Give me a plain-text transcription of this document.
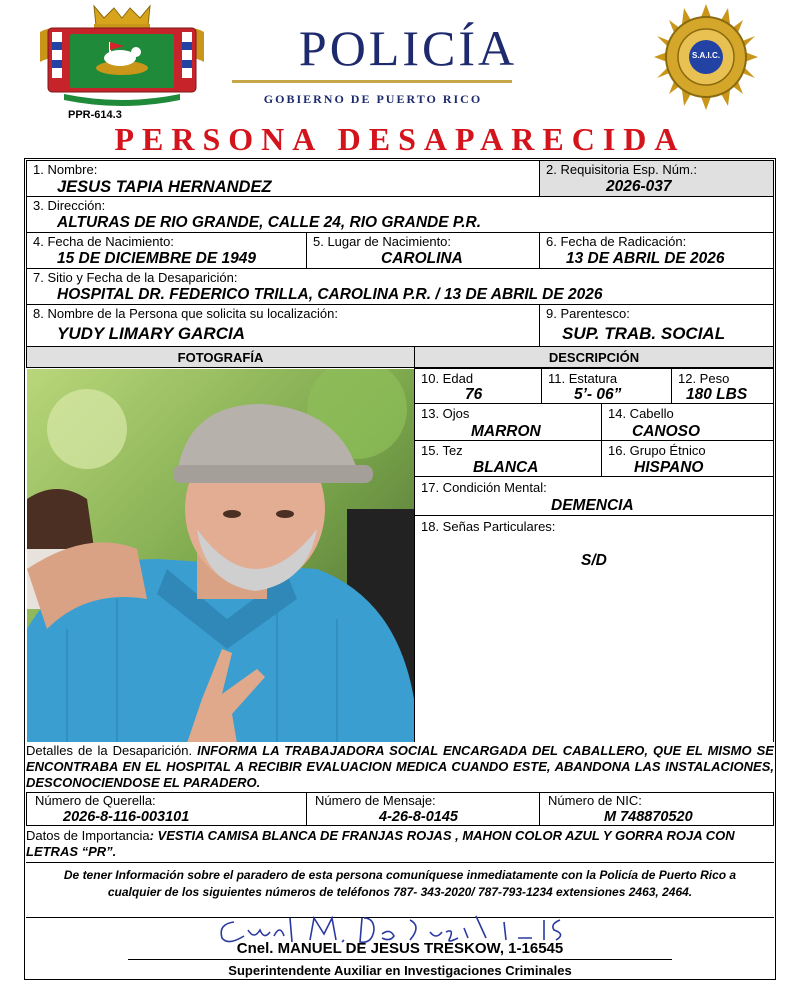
POLICÍA
GOBIERNO DE PUERTO RICO
S.A.I.C.
PPR-614.3
PERSONA DESAPARECIDA
1. Nombre:
JESUS TAPIA HERNANDEZ
2. Requisitoria Esp. Núm.:
2026-037
3. Dirección:
ALTURAS DE RIO GRANDE, CALLE 24, RIO GRANDE P.R.
4. Fecha de Nacimiento:
15 DE DICIEMBRE DE 1949
5. Lugar de Nacimiento:
CAROLINA
6. Fecha de Radicación:
13 DE ABRIL DE 2026
7. Sitio y Fecha de la Desaparición:
HOSPITAL DR. FEDERICO TRILLA, CAROLINA P.R. / 13 DE ABRIL DE 2026
8. Nombre de la Persona que solicita su localización:
YUDY LIMARY GARCIA
9. Parentesco:
SUP. TRAB. SOCIAL
FOTOGRAFÍA	DESCRIPCIÓN
10. Edad
76
11. Estatura
5’- 06”
12. Peso
180 LBS
13. Ojos
MARRON
14. Cabello
CANOSO
15. Tez
BLANCA
16. Grupo Étnico
HISPANO
17. Condición Mental:
DEMENCIA
18. Señas Particulares:
S/D
Detalles de la Desaparición. INFORMA LA TRABAJADORA SOCIAL ENCARGADA DEL CABALLERO, QUE EL MISMO SE ENCONTRABA EN EL HOSPITAL A RECIBIR EVALUACION MEDICA CUANDO ESTE, ABANDONA LAS INSTALACIONES, DESCONOCIENDOSE EL PARADERO.
Número de Querella:
2026-8-116-003101
Número de Mensaje:
4-26-8-0145
Número de NIC:
M 748870520
Datos de Importancia: VESTIA CAMISA BLANCA DE FRANJAS ROJAS , MAHON COLOR AZUL Y GORRA ROJA CON LETRAS “PR”.
De tener Información sobre el paradero de esta persona comuníquese inmediatamente con la Policía de Puerto Rico a cualquier de los siguientes números de teléfonos 787- 343-2020/ 787-793-1234 extensiones 2463, 2464.
Cnel. MANUEL DE JESUS TRESKOW, 1-16545
Superintendente Auxiliar en Investigaciones Criminales
